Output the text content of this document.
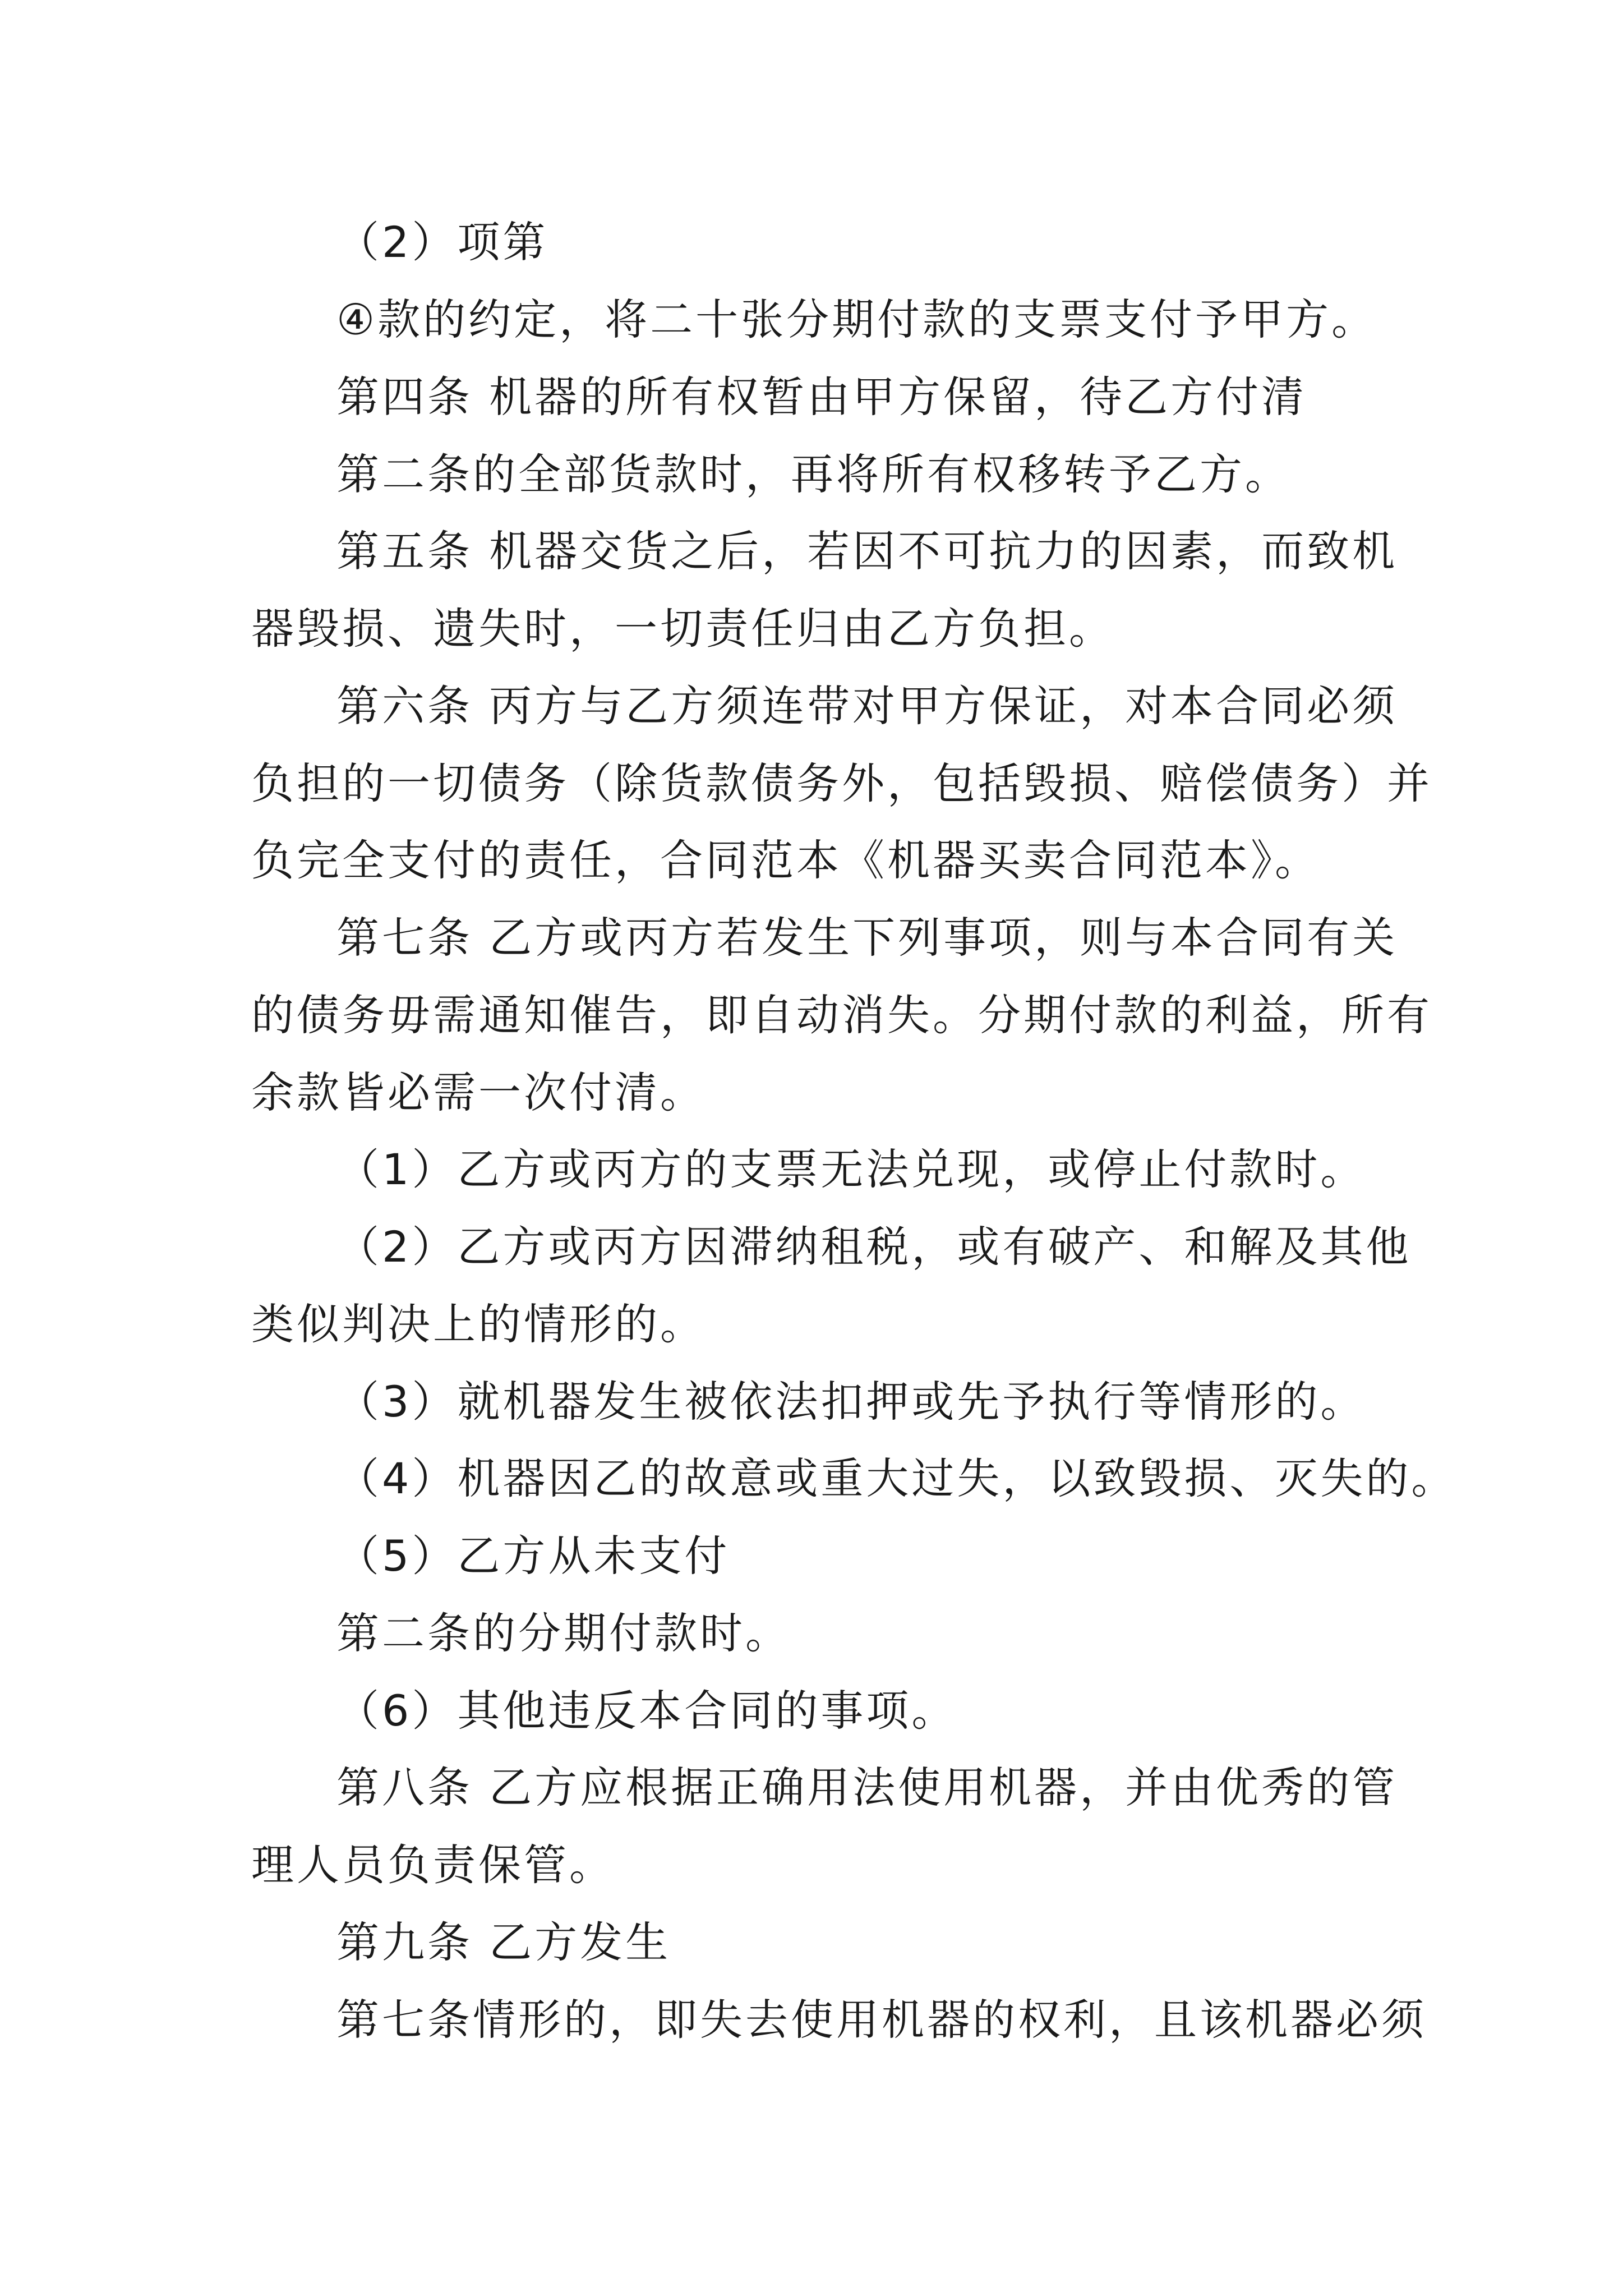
（2）项第
④款的约定，将二十张分期付款的支票支付予甲方。
第四条 机器的所有权暂由甲方保留，待乙方付清
第二条的全部货款时，再将所有权移转予乙方。
第五条 机器交货之后，若因不可抗力的因素，而致机
器毁损、遗失时，一切责任归由乙方负担。
第六条 丙方与乙方须连带对甲方保证，对本合同必须
负担的一切债务（除货款债务外，包括毁损、赔偿债务）并
负完全支付的责任，合同范本《机器买卖合同范本》。
第七条 乙方或丙方若发生下列事项，则与本合同有关
的债务毋需通知催告，即自动消失。分期付款的利益，所有
余款皆必需一次付清。
（1）乙方或丙方的支票无法兑现，或停止付款时。
（2）乙方或丙方因滞纳租税，或有破产、和解及其他
类似判决上的情形的。
（3）就机器发生被依法扣押或先予执行等情形的。
（4）机器因乙的故意或重大过失，以致毁损、灭失的。
（5）乙方从未支付
第二条的分期付款时。
（6）其他违反本合同的事项。
第八条 乙方应根据正确用法使用机器，并由优秀的管
理人员负责保管。
第九条 乙方发生
第七条情形的，即失去使用机器的权利，且该机器必须
